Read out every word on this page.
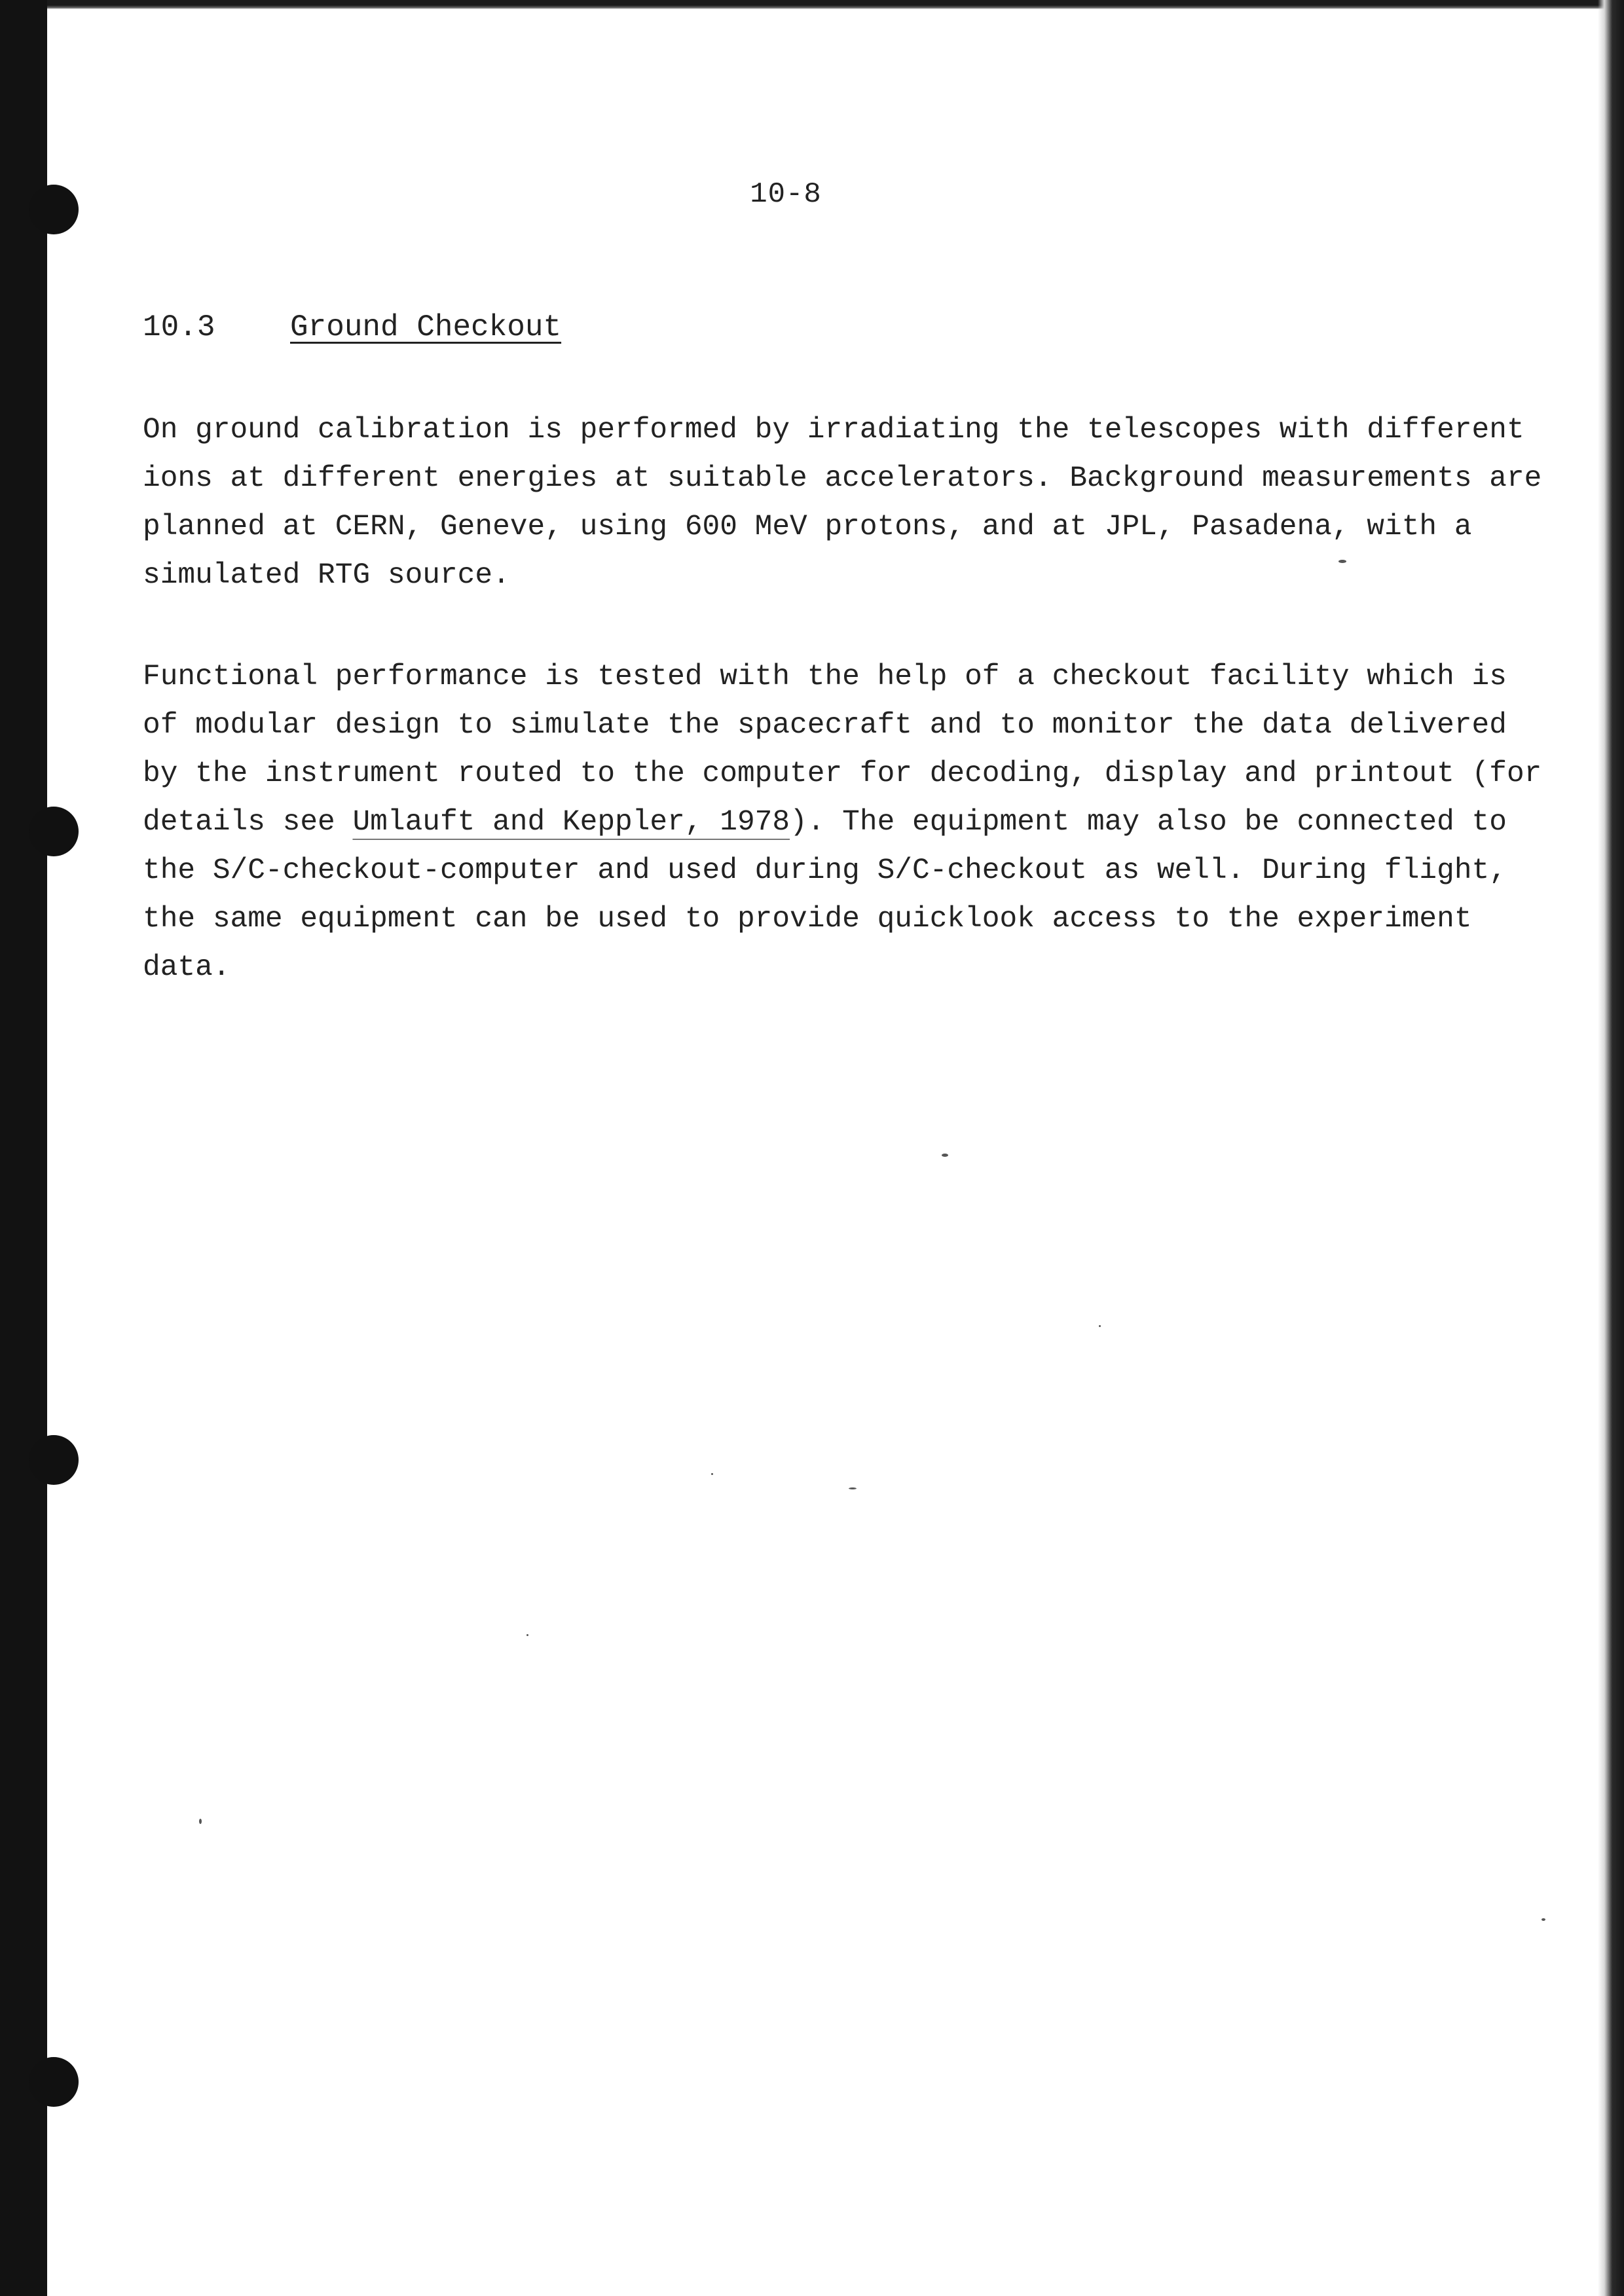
10-8
10.3 Ground Checkout

On ground calibration is performed by irradiating the telescopes with different
ions at different energies at suitable accelerators. Background measurements are
planned at CERN, Geneve, using 600 MeV protons, and at JPL, Pasadena, with a
simulated RTG source.

Functional performance is tested with the help of a checkout facility which is
of modular design to simulate the spacecraft and to monitor the data delivered
by the instrument routed to the computer for decoding, display and printout (for
details see Umlauft and Keppler, 1978). The equipment may also be connected to
the S/C-checkout-computer and used during S/C-checkout as well. During flight,
the same equipment can be used to provide quicklook access to the experiment
data.
